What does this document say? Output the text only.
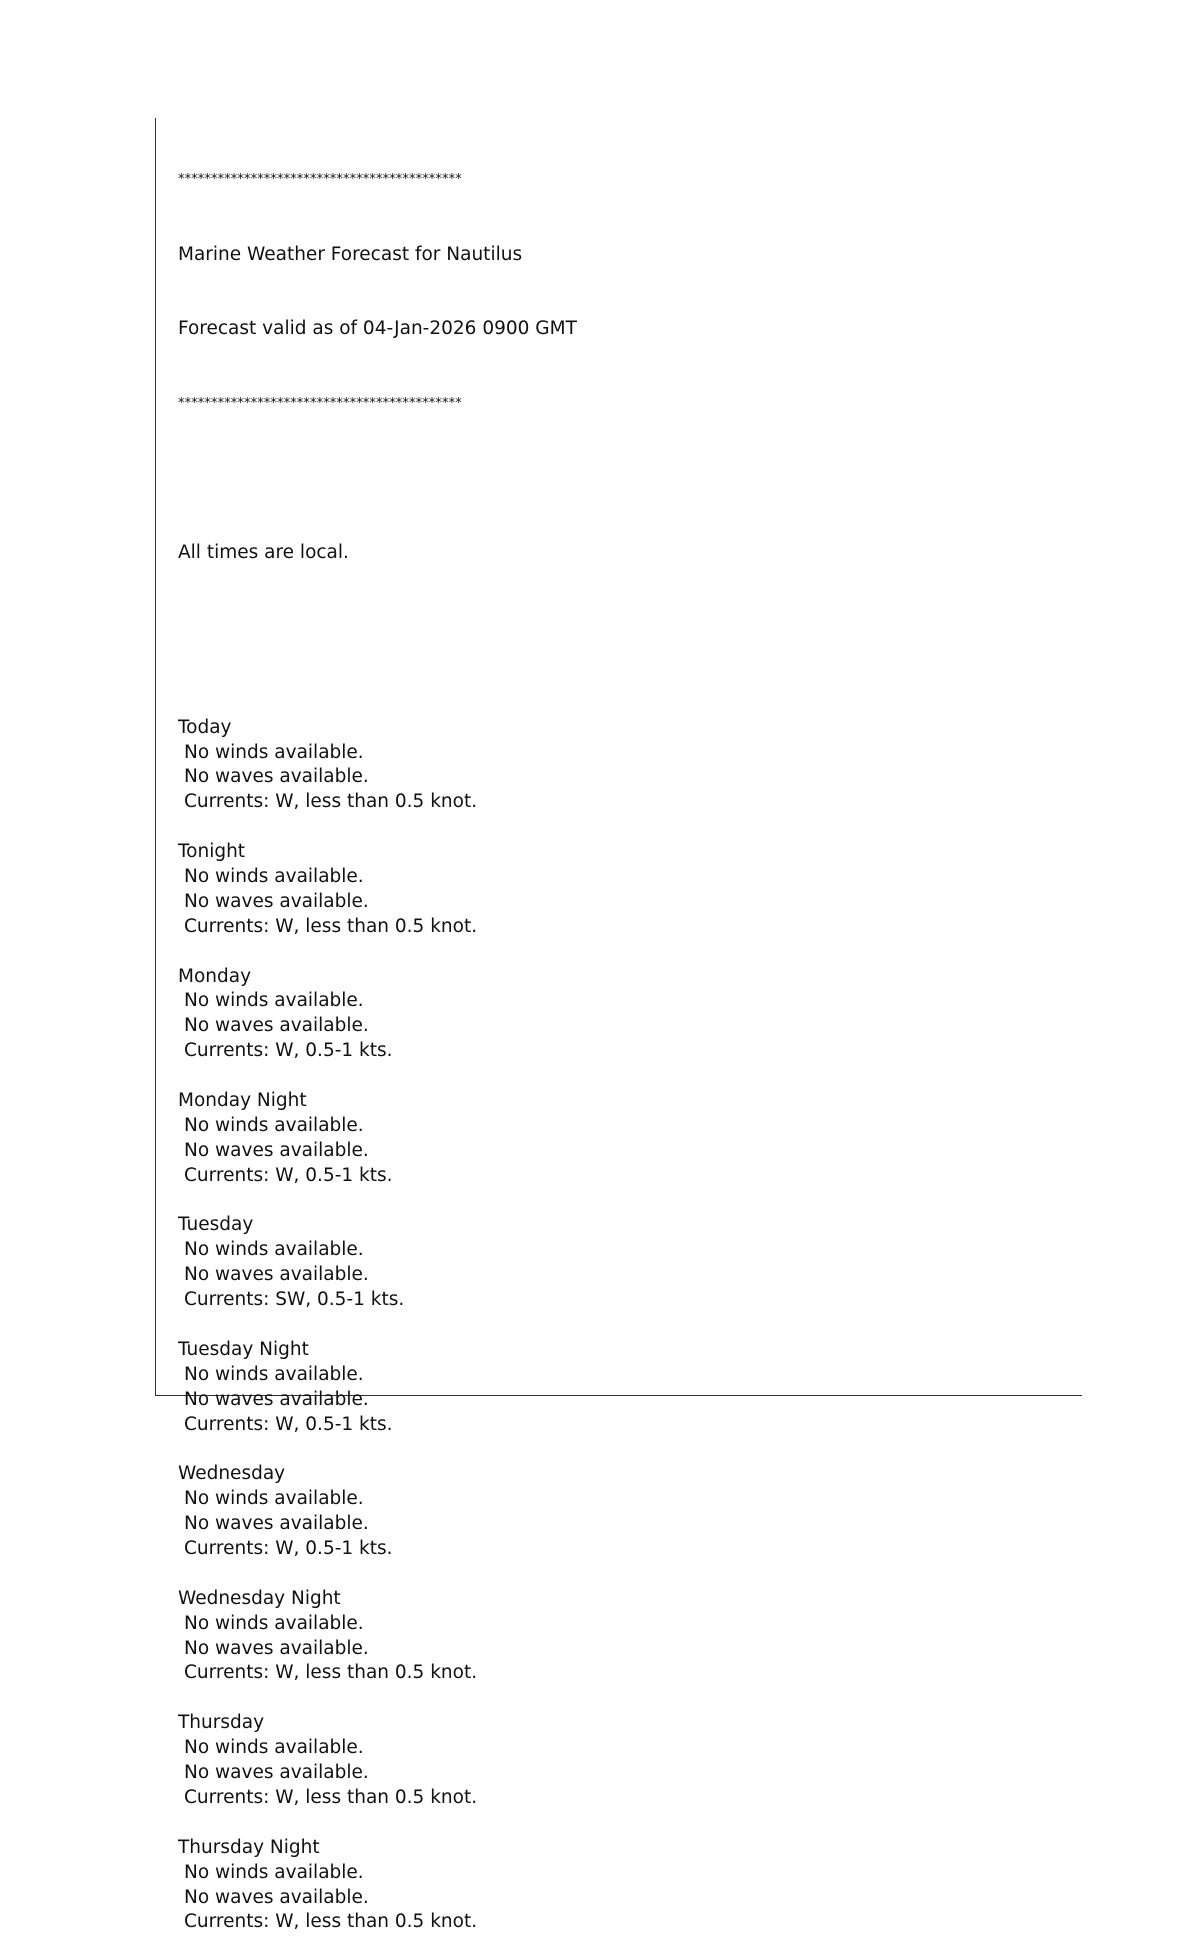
*******************************************

Marine Weather Forecast for Nautilus

Forecast valid as of 04-Jan-2026 0900 GMT

*******************************************

All times are local.

Today
No winds available.
No waves available.
Currents: W, less than 0.5 knot.
Tonight
No winds available.
No waves available.
Currents: W, less than 0.5 knot.
Monday
No winds available.
No waves available.
Currents: W, 0.5-1 kts.
Monday Night
No winds available.
No waves available.
Currents: W, 0.5-1 kts.
Tuesday
No winds available.
No waves available.
Currents: SW, 0.5-1 kts.
Tuesday Night
No winds available.
No waves available.
Currents: W, 0.5-1 kts.
Wednesday
No winds available.
No waves available.
Currents: W, 0.5-1 kts.
Wednesday Night
No winds available.
No waves available.
Currents: W, less than 0.5 knot.
Thursday
No winds available.
No waves available.
Currents: W, less than 0.5 knot.
Thursday Night
No winds available.
No waves available.
Currents: W, less than 0.5 knot.
